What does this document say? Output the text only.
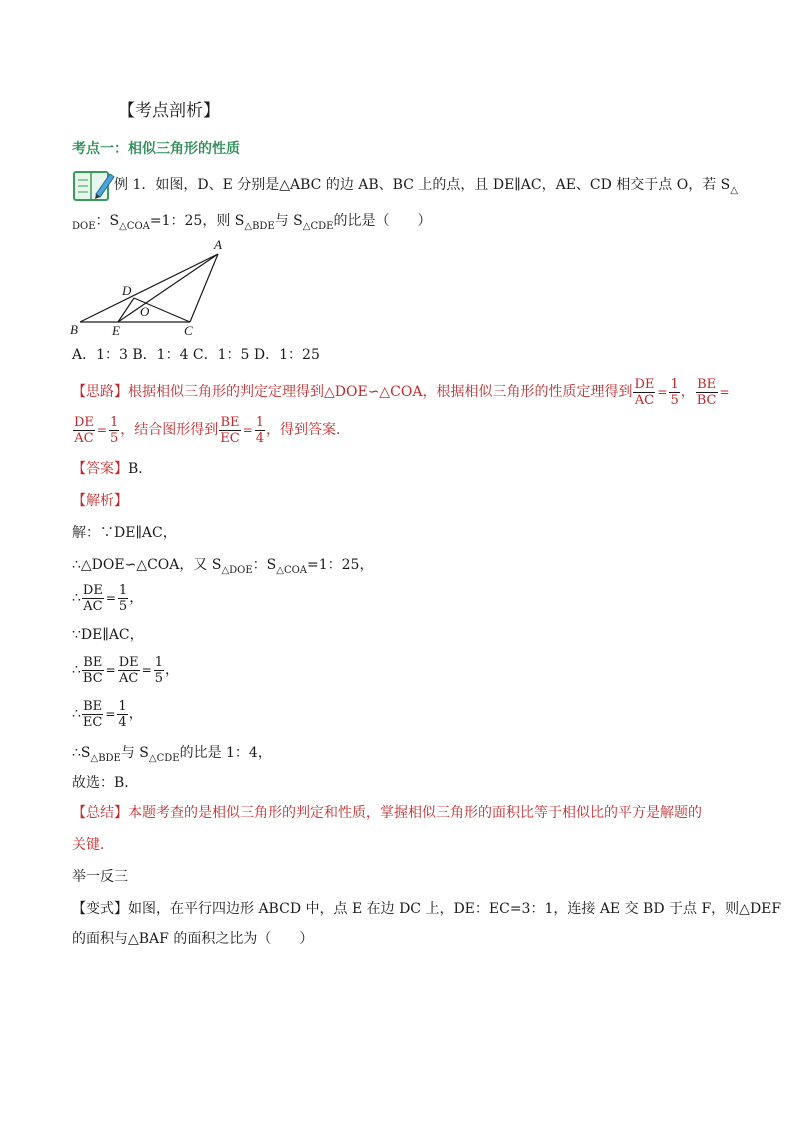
【考点剖析】
考点一：相似三角形的性质
例 1．如图，D、E 分别是△ABC 的边 AB、BC 上的点，且 DE∥AC，AE、CD 相交于点 O，若 $S_\triangle$
$_{DOE}$：$S_{\triangle COA}=1$：25，则 $S_{\triangle BDE}$与 $S_{\triangle CDE}$的比是（　　）
A
B	C
D
E
O
A．1：3 B．1：4 C．1：5 D．1：25
【思路】根据相似三角形的判定定理得到△DOE∽△COA，根据相似三角形的性质定理得到 $\frac{DE}{AC} = \frac{1}{5}$ ， $\frac{BE}{BC}$ =
$\frac{DE}{AC} = \frac{1}{5}$ ，结合图形得到 $\frac{BE}{EC} = \frac{1}{4}$ ，得到答案．
【答案】B．
【解析】
解：∵DE∥AC，
∴△DOE∽△COA，又 $S_{\triangle DOE}$：$S_{\triangle COA}=1$：25，
∴ $\frac{DE}{AC} = \frac{1}{5}$ ，
∵DE∥AC，
∴ $\frac{BE}{BC} = \frac{DE}{AC} = \frac{1}{5}$ ，
∴ $\frac{BE}{EC} = \frac{1}{4}$ ，
$\therefore S_{\triangle BDE}$与 $S_{\triangle CDE}$的比是 1：4，
故选：B．
【总结】本题考查的是相似三角形的判定和性质，掌握相似三角形的面积比等于相似比的平方是解题的
关键．
举一反三
【变式】如图，在平行四边形 ABCD 中，点 E 在边 DC 上，DE：EC=3：1，连接 AE 交 BD 于点 F，则△DEF
的面积与△BAF 的面积之比为（　　）
